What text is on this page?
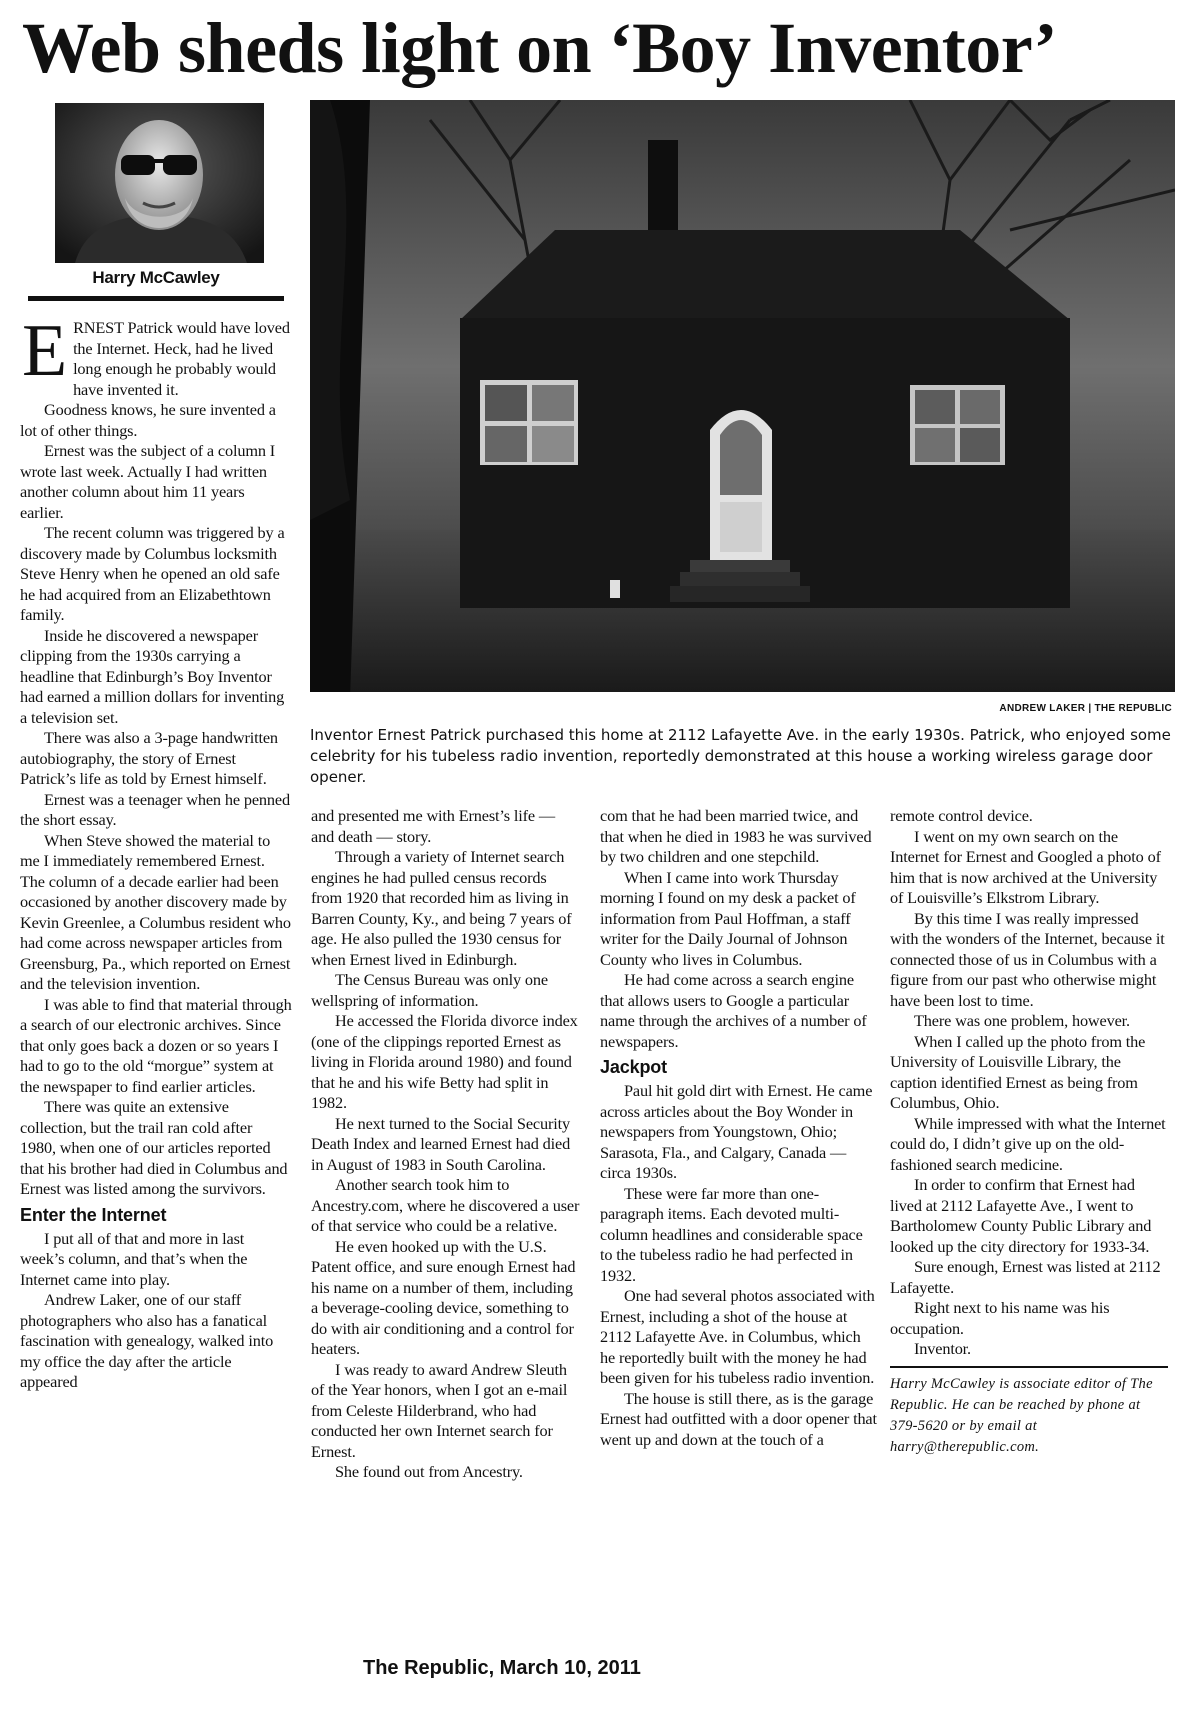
Web sheds light on ‘Boy Inventor’
Harry McCawley
ANDREW LAKER | THE REPUBLIC

Inventor Ernest Patrick purchased this home at 2112 Lafayette Ave. in the early 1930s. Patrick, who enjoyed some celebrity for his tubeless radio invention, reportedly demonstrated at this house a working wireless garage door opener.

ERNEST Patrick would have loved the Internet. Heck, had he lived long enough he probably would have invented it.

Goodness knows, he sure invented a lot of other things.

Ernest was the subject of a column I wrote last week. Actually I had written another column about him 11 years earlier.

The recent column was triggered by a discovery made by Columbus locksmith Steve Henry when he opened an old safe he had acquired from an Elizabethtown family.

Inside he discovered a newspaper clipping from the 1930s carrying a headline that Edinburgh’s Boy Inventor had earned a million dollars for inventing a television set.

There was also a 3-page handwritten autobiography, the story of Ernest Patrick’s life as told by Ernest himself.

Ernest was a teenager when he penned the short essay.

When Steve showed the material to me I immediately remembered Ernest. The column of a decade earlier had been occasioned by another discovery made by Kevin Greenlee, a Columbus resident who had come across newspaper articles from Greensburg, Pa., which reported on Ernest and the television invention.

I was able to find that material through a search of our electronic archives. Since that only goes back a dozen or so years I had to go to the old “morgue” system at the newspaper to find earlier articles.

There was quite an extensive collection, but the trail ran cold after 1980, when one of our articles reported that his brother had died in Columbus and Ernest was listed among the survivors.

Enter the Internet

I put all of that and more in last week’s column, and that’s when the Internet came into play.

Andrew Laker, one of our staff photographers who also has a fanatical fascination with genealogy, walked into my office the day after the article appeared

and presented me with Ernest’s life — and death — story.

Through a variety of Internet search engines he had pulled census records from 1920 that recorded him as living in Barren County, Ky., and being 7 years of age. He also pulled the 1930 census for when Ernest lived in Edinburgh.

The Census Bureau was only one wellspring of information.

He accessed the Florida divorce index (one of the clippings reported Ernest as living in Florida around 1980) and found that he and his wife Betty had split in 1982.

He next turned to the Social Security Death Index and learned Ernest had died in August of 1983 in South Carolina.

Another search took him to Ancestry.com, where he discovered a user of that service who could be a relative.

He even hooked up with the U.S. Patent office, and sure enough Ernest had his name on a number of them, including a beverage-cooling device, something to do with air conditioning and a control for heaters.

I was ready to award Andrew Sleuth of the Year honors, when I got an e-mail from Celeste Hilderbrand, who had conducted her own Internet search for Ernest.

She found out from Ancestry.

com that he had been married twice, and that when he died in 1983 he was survived by two children and one stepchild.

When I came into work Thursday morning I found on my desk a packet of information from Paul Hoffman, a staff writer for the Daily Journal of Johnson County who lives in Columbus.

He had come across a search engine that allows users to Google a particular name through the archives of a number of newspapers.

Jackpot

Paul hit gold dirt with Ernest. He came across articles about the Boy Wonder in newspapers from Youngstown, Ohio; Sarasota, Fla., and Calgary, Canada — circa 1930s.

These were far more than one-paragraph items. Each devoted multi-column headlines and considerable space to the tubeless radio he had perfected in 1932.

One had several photos associated with Ernest, including a shot of the house at 2112 Lafayette Ave. in Columbus, which he reportedly built with the money he had been given for his tubeless radio invention.

The house is still there, as is the garage Ernest had outfitted with a door opener that went up and down at the touch of a

remote control device.

I went on my own search on the Internet for Ernest and Googled a photo of him that is now archived at the University of Louisville’s Elkstrom Library.

By this time I was really impressed with the wonders of the Internet, because it connected those of us in Columbus with a figure from our past who otherwise might have been lost to time.

There was one problem, however.

When I called up the photo from the University of Louisville Library, the caption identified Ernest as being from Columbus, Ohio.

While impressed with what the Internet could do, I didn’t give up on the old-fashioned search medicine.

In order to confirm that Ernest had lived at 2112 Lafayette Ave., I went to Bartholomew County Public Library and looked up the city directory for 1933-34.

Sure enough, Ernest was listed at 2112 Lafayette.

Right next to his name was his occupation.

Inventor.

Harry McCawley is associate editor of The Republic. He can be reached by phone at 379-5620 or by email at harry@therepublic.com.

The Republic, March 10, 2011
